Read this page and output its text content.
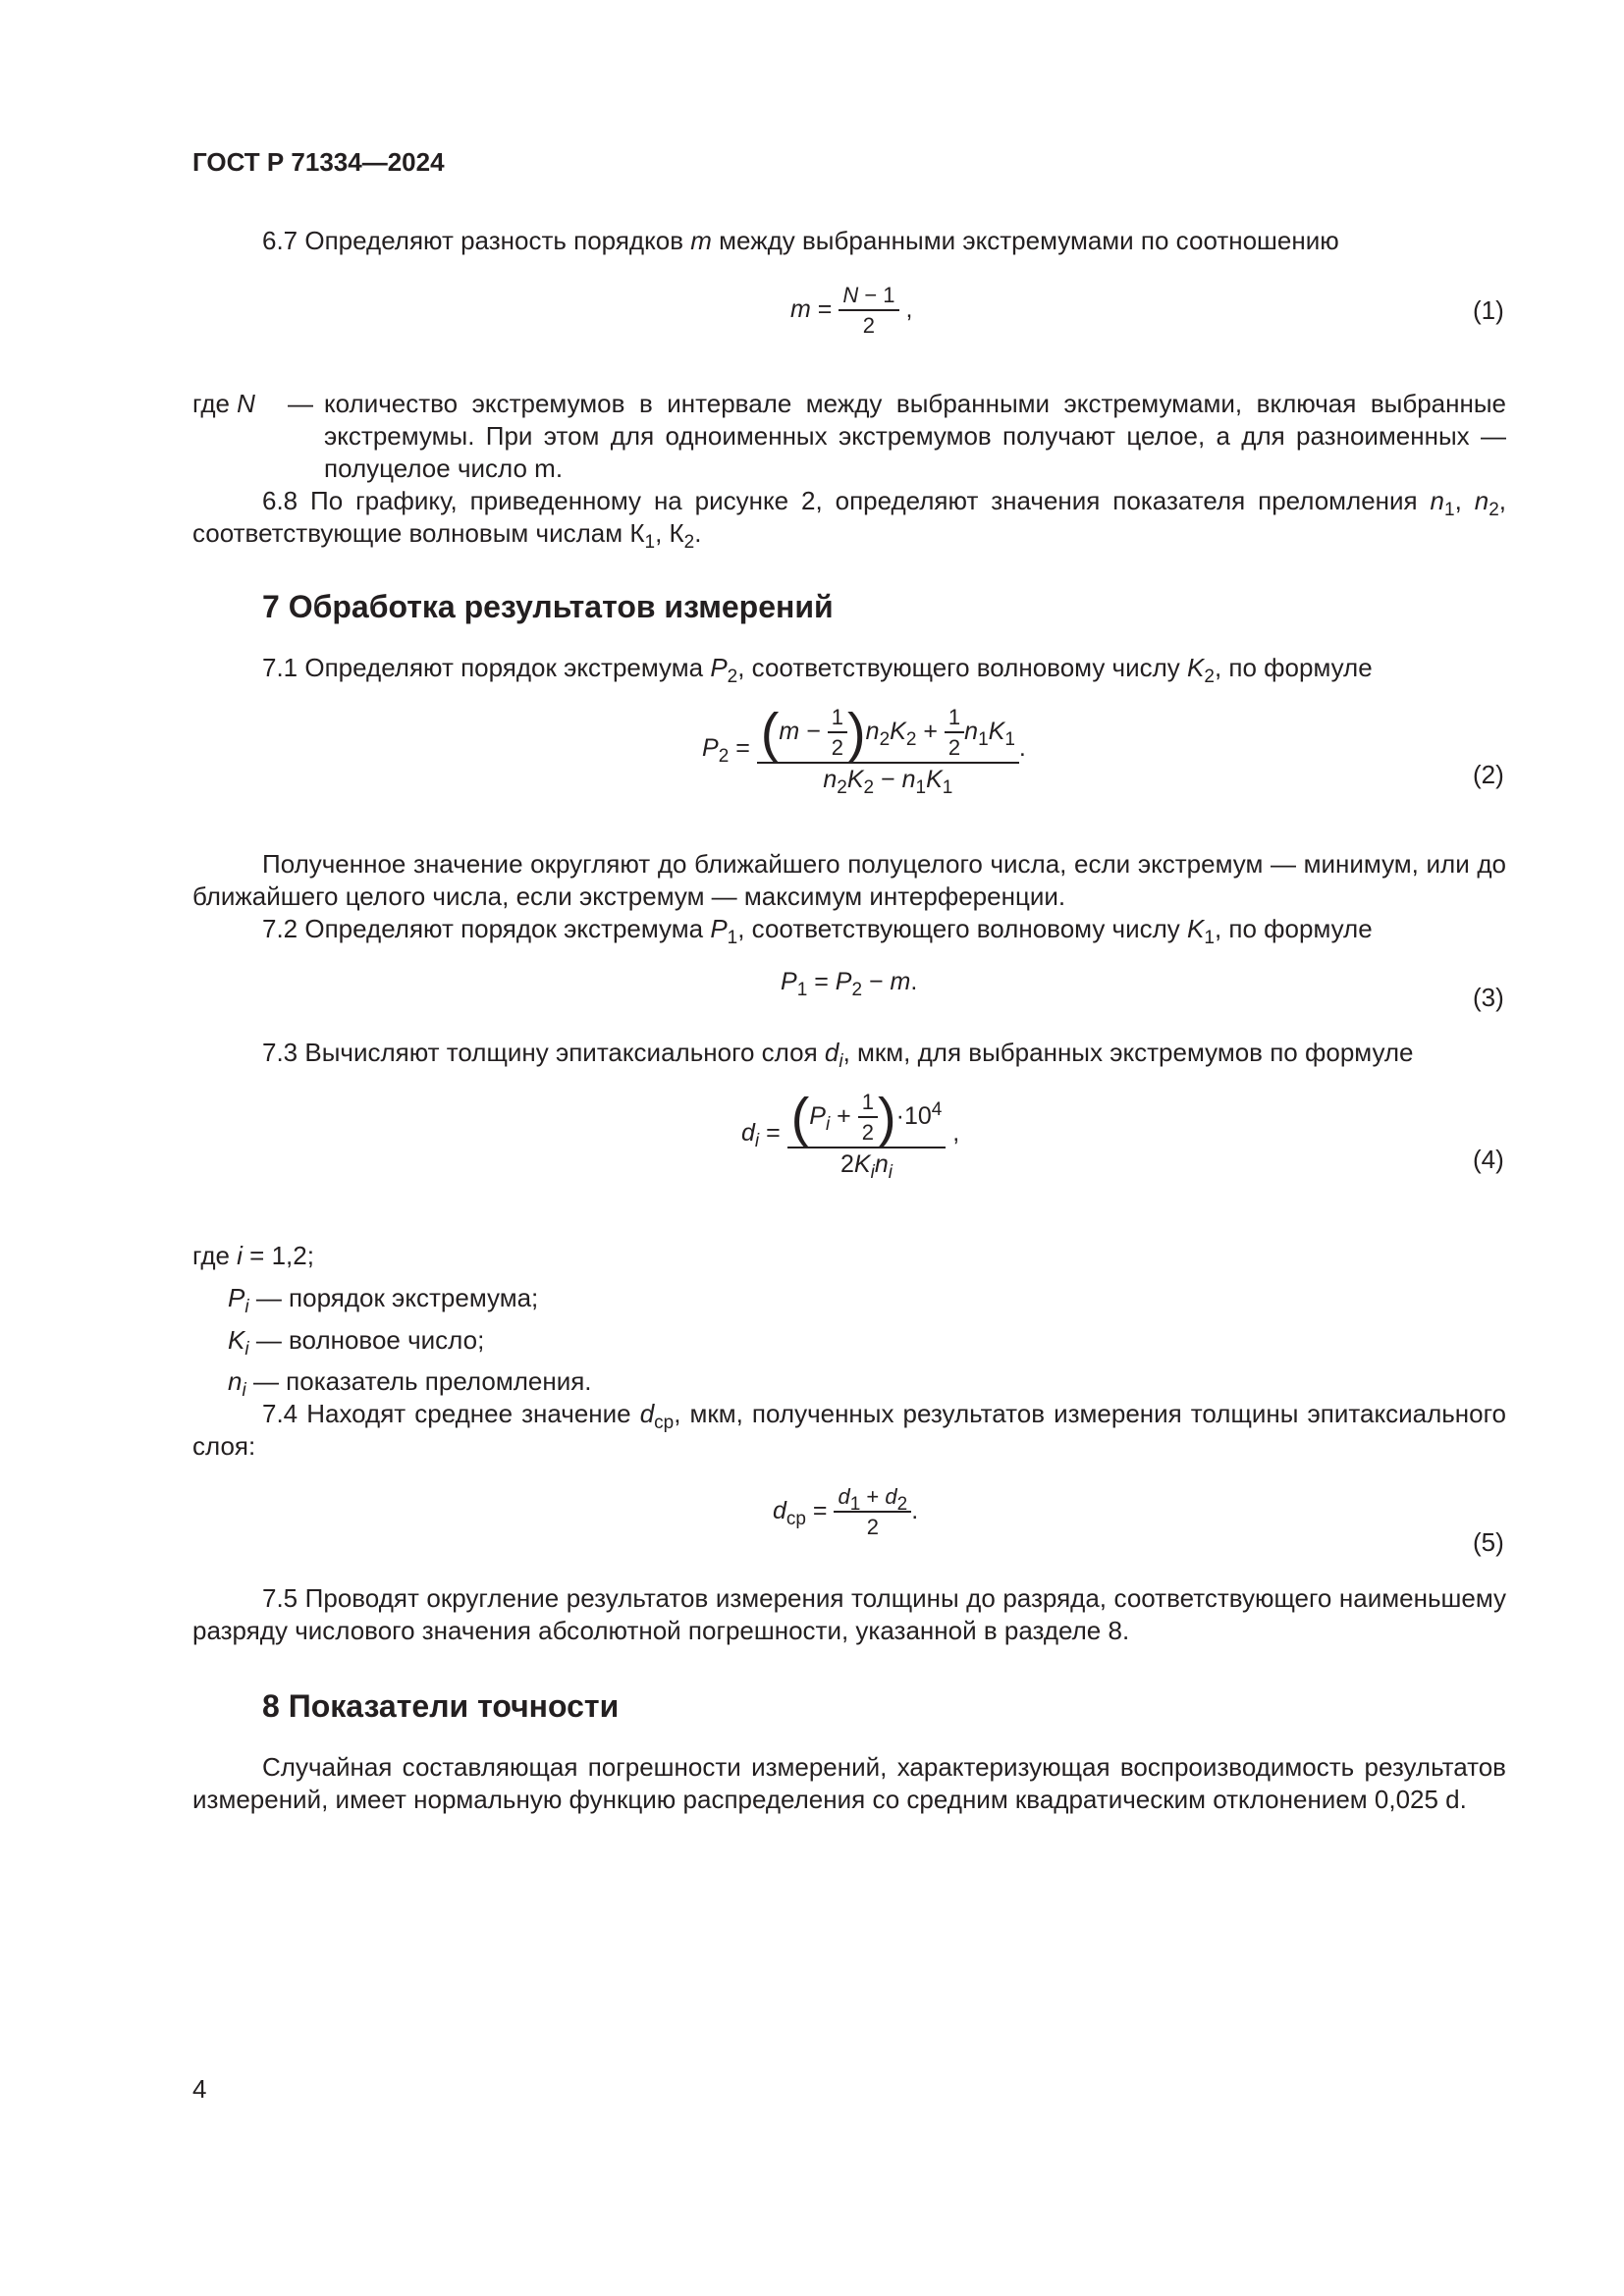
ГОСТ Р 71334—2024
6.7 Определяют разность порядков m между выбранными экстремумами по соотношению
$m = \frac{N - 1}{2}$ ,	(1)
где N — количество экстремумов в интервале между выбранными экстремумами, включая выбранные экстремумы. При этом для одноименных экстремумов получают целое, а для разноименных — полуцелое число m.
6.8 По графику, приведенному на рисунке 2, определяют значения показателя преломления $n_1$, $n_2$, соответствующие волновым числам $К_1$, $К_2$.
7 Обработка результатов измерений
7.1 Определяют порядок экстремума $P_2$, соответствующего волновому числу $K_2$, по формуле
$P_2 = \frac{(m - \frac{1}{2} )n_2K_2 + \frac{1}{2} n_1K_1}{n_2K_2 - n_1K_1}$ .
(2)
Полученное значение округляют до ближайшего полуцелого числа, если экстремум — минимум, или до ближайшего целого числа, если экстремум — максимум интерференции.
7.2 Определяют порядок экстремума $P_1$, соответствующего волновому числу $K_1$, по формуле
$P_1 = P_2 - m$.
(3)
7.3 Вычисляют толщину эпитаксиального слоя $d_i$, мкм, для выбранных экстремумов по формуле
$d_i = \frac{(P_i + \frac{1}{2} )\cdot 10^4}{2K_in_i}$ ,
(4)
где i = 1,2;
$P_i$ — порядок экстремума;
$K_i$ — волновое число;
$n_i$ — показатель преломления.
7.4 Находят среднее значение $d_{ср}$, мкм, полученных результатов измерения толщины эпитаксиального слоя:
$d_{ср} = \frac{d_1 + d_2}{2}$ .
(5)
7.5 Проводят округление результатов измерения толщины до разряда, соответствующего наименьшему разряду числового значения абсолютной погрешности, указанной в разделе 8.
8 Показатели точности
Случайная составляющая погрешности измерений, характеризующая воспроизводимость результатов измерений, имеет нормальную функцию распределения со средним квадратическим отклонением 0,025 d.
4
